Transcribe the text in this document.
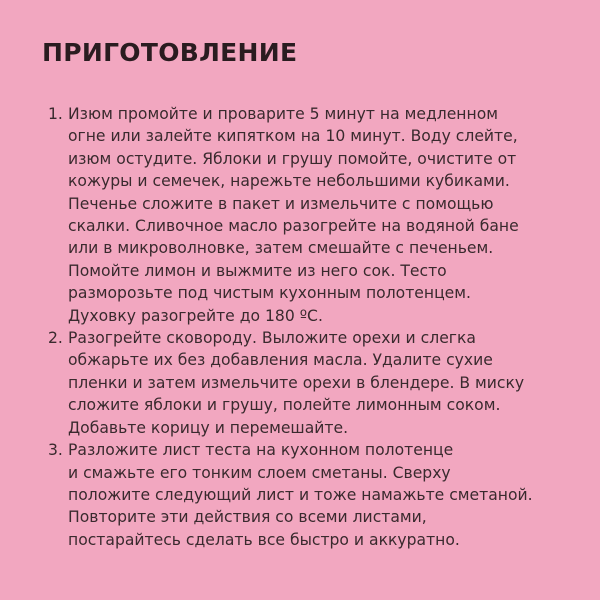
ПРИГОТОВЛЕНИЕ
1. Изюм промойте и проварите 5 минут на медленном
огне или залейте кипятком на 10 минут. Воду слейте,
изюм остудите. Яблоки и грушу помойте, очистите от
кожуры и семечек, нарежьте небольшими кубиками.
Печенье сложите в пакет и измельчите с помощью
скалки. Сливочное масло разогрейте на водяной бане
или в микроволновке, затем смешайте с печеньем.
Помойте лимон и выжмите из него сок. Тесто
разморозьте под чистым кухонным полотенцем.
Духовку разогрейте до 180 ºС.
2. Разогрейте сковороду. Выложите орехи и слегка
обжарьте их без добавления масла. Удалите сухие
пленки и затем измельчите орехи в блендере. В миску
сложите яблоки и грушу, полейте лимонным соком.
Добавьте корицу и перемешайте.
3. Разложите лист теста на кухонном полотенце
и смажьте его тонким слоем сметаны. Сверху
положите следующий лист и тоже намажьте сметаной.
Повторите эти действия со всеми листами,
постарайтесь сделать все быстро и аккуратно.
